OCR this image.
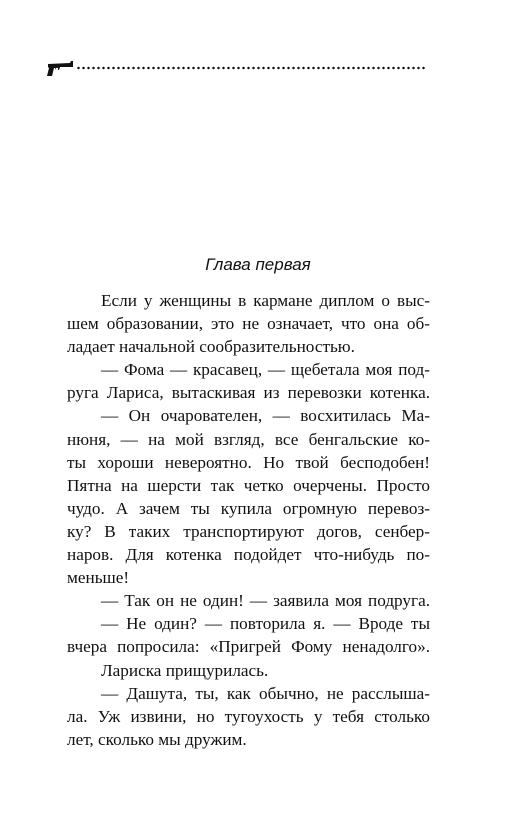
Глава первая
Если у женщины в кармане диплом о выс-
шем образовании, это не означает, что она об-
ладает начальной сообразительностью.
— Фома — красавец, — щебетала моя под-
руга Лариса, вытаскивая из перевозки котенка.
— Он очарователен, — восхитилась Ма-
нюня, — на мой взгляд, все бенгальские ко-
ты хороши невероятно. Но твой бесподобен!
Пятна на шерсти так четко очерчены. Просто
чудо. А зачем ты купила огромную перевоз-
ку? В таких транспортируют догов, сенбер-
наров. Для котенка подойдет что-нибудь по-
меньше!
— Так он не один! — заявила моя подруга.
— Не один? — повторила я. — Вроде ты
вчера попросила: «Пригрей Фому ненадолго».
Лариска прищурилась.
— Дашута, ты, как обычно, не расслыша-
ла. Уж извини, но тугоухость у тебя столько
лет, сколько мы дружим.
